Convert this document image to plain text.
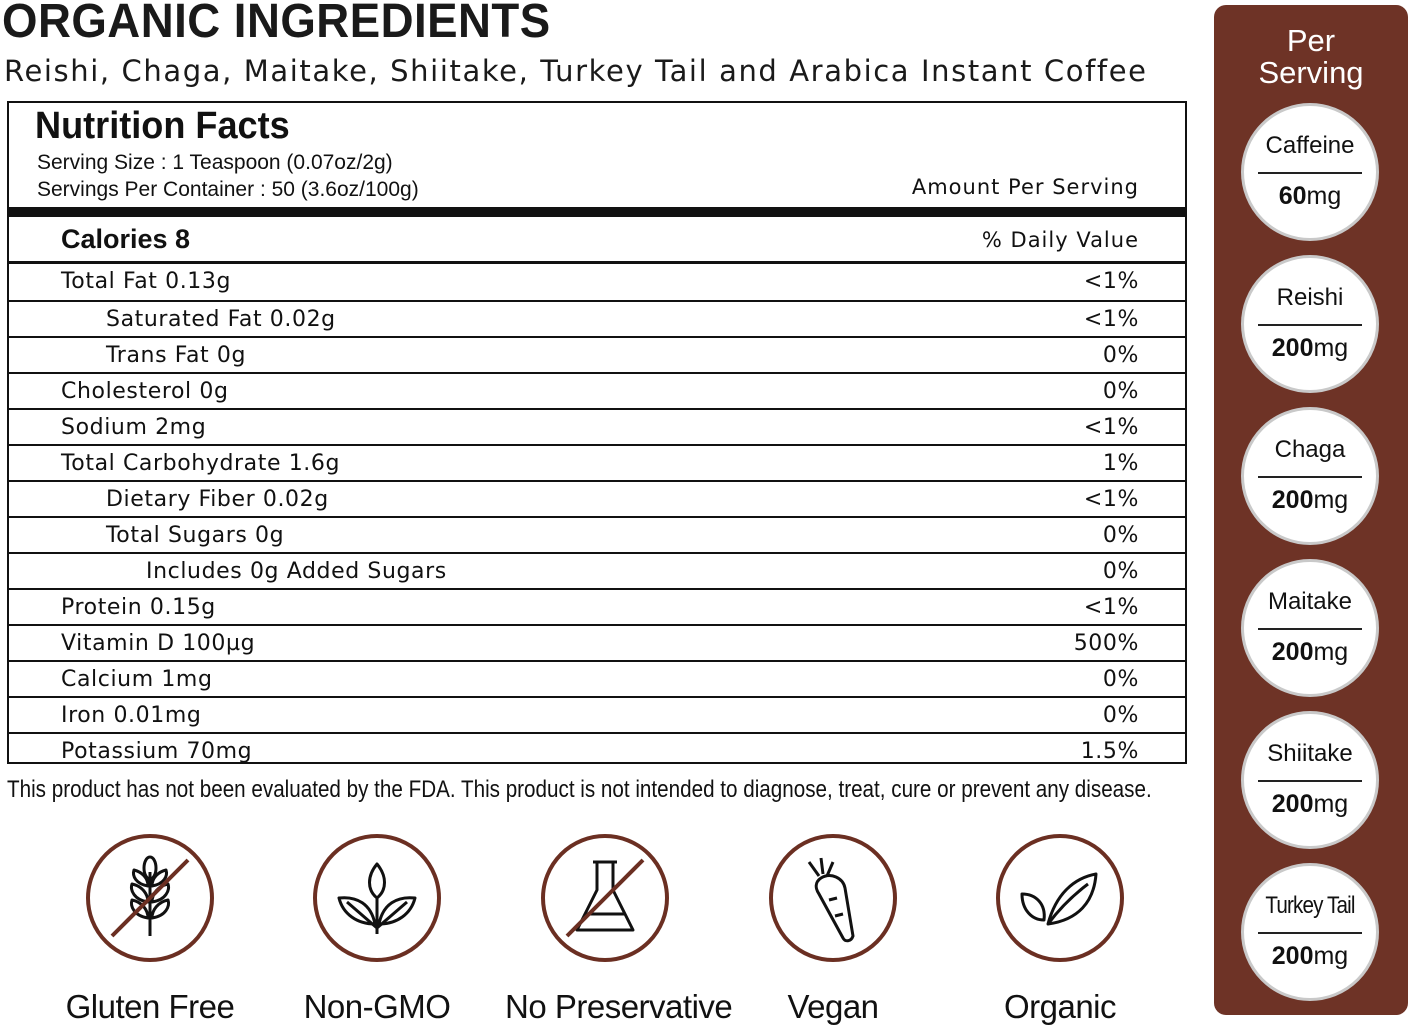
ORGANIC INGREDIENTS
Reishi, Chaga, Maitake, Shiitake, Turkey Tail and Arabica Instant Coffee
Nutrition Facts
Serving Size : 1 Teaspoon (0.07oz/2g)
Servings Per Container : 50 (3.6oz/100g)	Amount Per Serving
Calories 8	% Daily Value
Total Fat 0.13g	<1%
Saturated Fat 0.02g	<1%
Trans Fat 0g	0%
Cholesterol 0g	0%
Sodium 2mg	<1%
Total Carbohydrate 1.6g	1%
Dietary Fiber 0.02g	<1%
Total Sugars 0g	0%
Includes 0g Added Sugars	0%
Protein 0.15g	<1%
Vitamin D 100µg	500%
Calcium 1mg	0%
Iron 0.01mg	0%
Potassium 70mg	1.5%
This product has not been evaluated by the FDA. This product is not intended to diagnose, treat, cure or prevent any disease.
Gluten Free	Non-GMO	No Preservative	Vegan	Organic
Per
Serving
Caffeine
60mg
Reishi
200mg
Chaga
200mg
Maitake
200mg
Shiitake
200mg
Turkey Tail
200mg
